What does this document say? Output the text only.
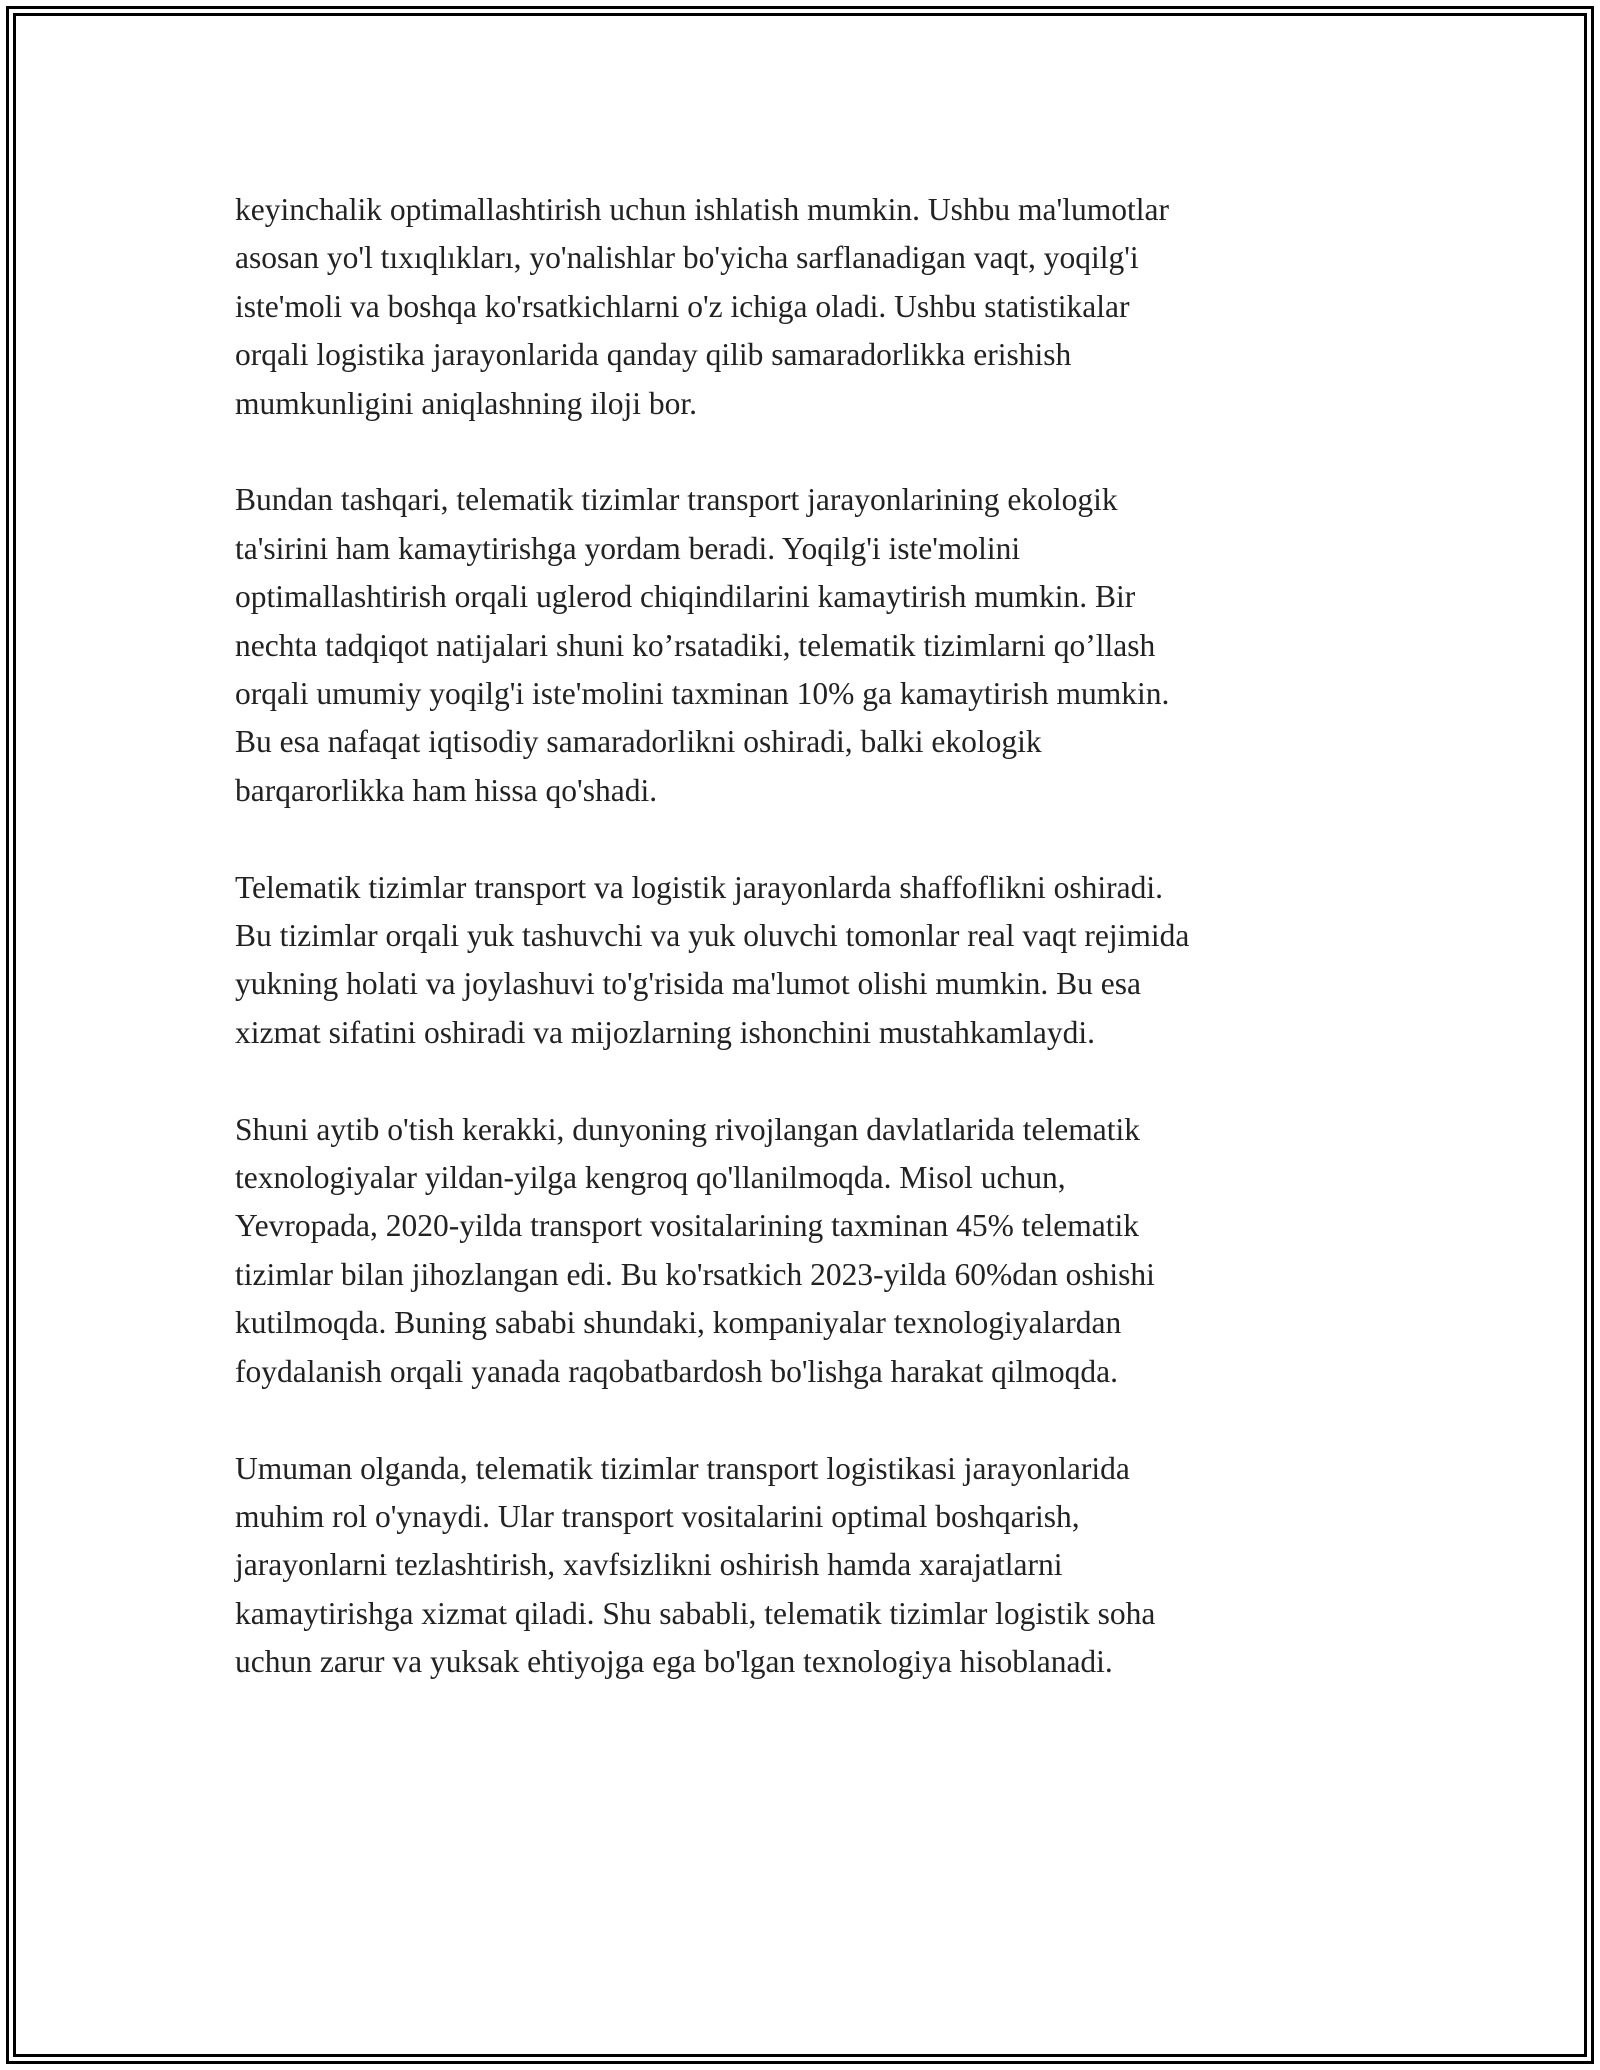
keyinchalik optimallashtirish uchun ishlatish mumkin. Ushbu ma'lumotlar
asosan yo'l tıxıqlıkları, yo'nalishlar bo'yicha sarflanadigan vaqt, yoqilg'i
iste'moli va boshqa ko'rsatkichlarni o'z ichiga oladi. Ushbu statistikalar
orqali logistika jarayonlarida qanday qilib samaradorlikka erishish
mumkunligini aniqlashning iloji bor.

Bundan tashqari, telematik tizimlar transport jarayonlarining ekologik
ta'sirini ham kamaytirishga yordam beradi. Yoqilg'i iste'molini
optimallashtirish orqali uglerod chiqindilarini kamaytirish mumkin. Bir
nechta tadqiqot natijalari shuni ko’rsatadiki, telematik tizimlarni qo’llash
orqali umumiy yoqilg'i iste'molini taxminan 10% ga kamaytirish mumkin.
Bu esa nafaqat iqtisodiy samaradorlikni oshiradi, balki ekologik
barqarorlikka ham hissa qo'shadi.

Telematik tizimlar transport va logistik jarayonlarda shaffoflikni oshiradi.
Bu tizimlar orqali yuk tashuvchi va yuk oluvchi tomonlar real vaqt rejimida
yukning holati va joylashuvi to'g'risida ma'lumot olishi mumkin. Bu esa
xizmat sifatini oshiradi va mijozlarning ishonchini mustahkamlaydi.

Shuni aytib o'tish kerakki, dunyoning rivojlangan davlatlarida telematik
texnologiyalar yildan-yilga kengroq qo'llanilmoqda. Misol uchun,
Yevropada, 2020-yilda transport vositalarining taxminan 45% telematik
tizimlar bilan jihozlangan edi. Bu ko'rsatkich 2023-yilda 60%dan oshishi
kutilmoqda. Buning sababi shundaki, kompaniyalar texnologiyalardan
foydalanish orqali yanada raqobatbardosh bo'lishga harakat qilmoqda.

Umuman olganda, telematik tizimlar transport logistikasi jarayonlarida
muhim rol o'ynaydi. Ular transport vositalarini optimal boshqarish,
jarayonlarni tezlashtirish, xavfsizlikni oshirish hamda xarajatlarni
kamaytirishga xizmat qiladi. Shu sababli, telematik tizimlar logistik soha
uchun zarur va yuksak ehtiyojga ega bo'lgan texnologiya hisoblanadi.
